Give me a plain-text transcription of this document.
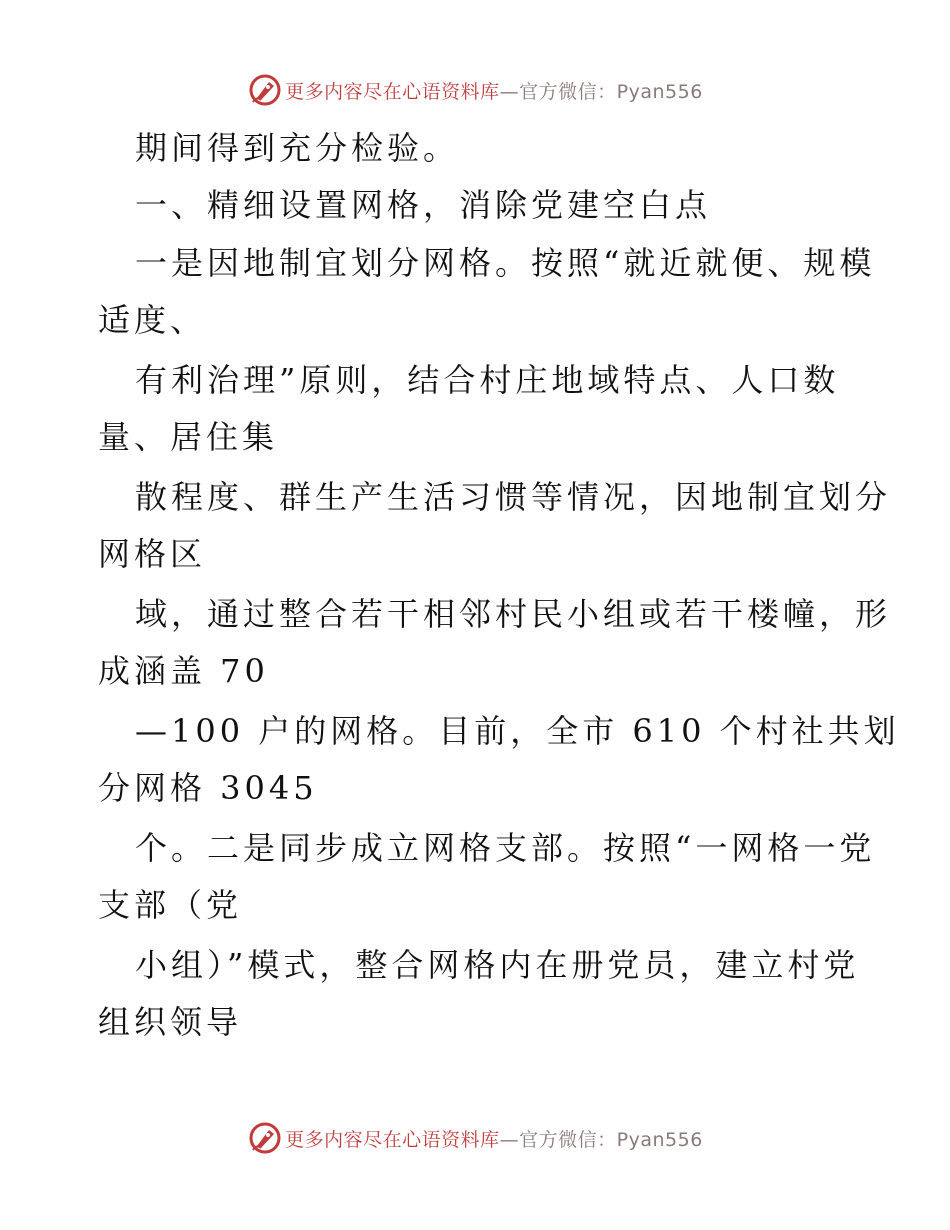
更多内容尽在心语资料库—官方微信：Pyan556
期间得到充分检验。
一、精细设置网格，消除党建空白点
一是因地制宜划分网格。按照“就近就便、规模
适度、
有利治理”原则，结合村庄地域特点、人口数
量、居住集
散程度、群生产生活习惯等情况，因地制宜划分
网格区
域，通过整合若干相邻村民小组或若干楼幢，形
成涵盖 70
—100 户的网格。目前，全市 610 个村社共划
分网格 3045
个。二是同步成立网格支部。按照“一网格一党
支部（党
小组）”模式，整合网格内在册党员，建立村党
组织领导
更多内容尽在心语资料库—官方微信：Pyan556
